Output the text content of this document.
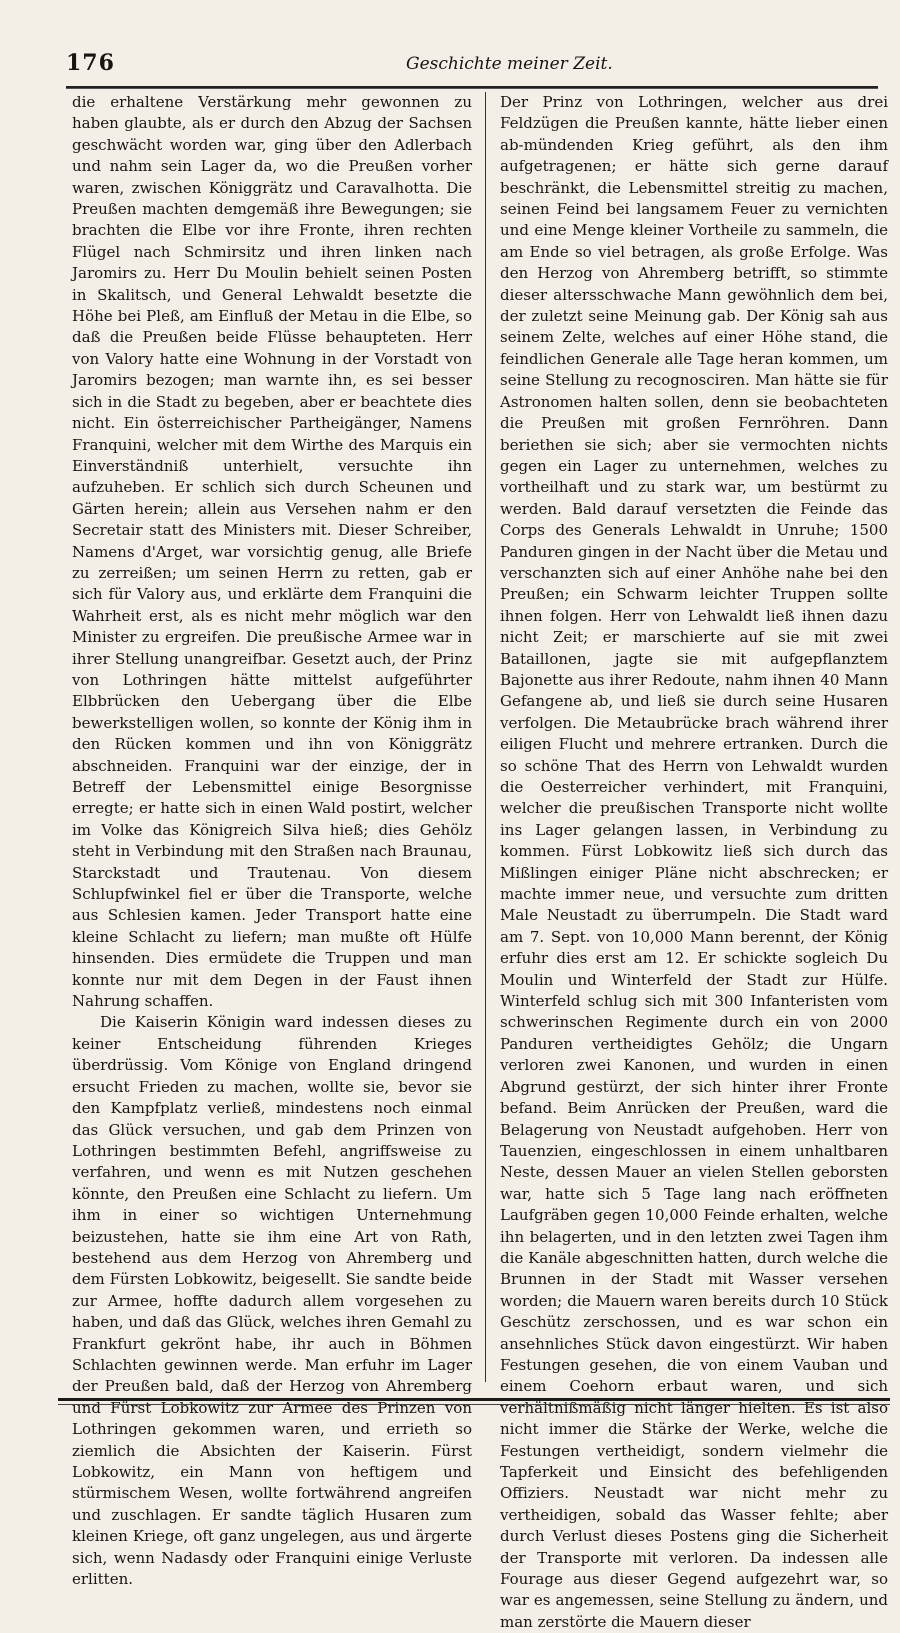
176	Geschichte meiner Zeit.

die erhaltene Verstärkung mehr gewonnen zu haben glaubte, als er durch den Abzug der Sachsen geschwächt worden war, ging über den Adlerbach und nahm sein Lager da, wo die Preußen vorher waren, zwischen Königgrätz und Caravalhotta. Die Preußen machten demgemäß ihre Bewegungen; sie brachten die Elbe vor ihre Fronte, ihren rechten Flügel nach Schmirsitz und ihren linken nach Jaromirs zu. Herr Du Moulin behielt seinen Posten in Skalitsch, und General Lehwaldt besetzte die Höhe bei Pleß, am Einfluß der Metau in die Elbe, so daß die Preußen beide Flüsse behaupteten. Herr von Valory hatte eine Wohnung in der Vorstadt von Jaromirs bezogen; man warnte ihn, es sei besser sich in die Stadt zu begeben, aber er beachtete dies nicht. Ein österreichischer Partheigänger, Namens Franquini, welcher mit dem Wirthe des Marquis ein Einverständniß unterhielt, versuchte ihn aufzuheben. Er schlich sich durch Scheunen und Gärten herein; allein aus Versehen nahm er den Secretair statt des Ministers mit. Dieser Schreiber, Namens d'Arget, war vorsichtig genug, alle Briefe zu zerreißen; um seinen Herrn zu retten, gab er sich für Valory aus, und erklärte dem Franquini die Wahrheit erst, als es nicht mehr möglich war den Minister zu ergreifen. Die preußische Armee war in ihrer Stellung unangreifbar. Gesetzt auch, der Prinz von Lothringen hätte mittelst aufgeführter Elbbrücken den Uebergang über die Elbe bewerkstelligen wollen, so konnte der König ihm in den Rücken kommen und ihn von Königgrätz abschneiden. Franquini war der einzige, der in Betreff der Lebensmittel einige Besorgnisse erregte; er hatte sich in einen Wald postirt, welcher im Volke das Königreich Silva hieß; dies Gehölz steht in Verbindung mit den Straßen nach Braunau, Starckstadt und Trautenau. Von diesem Schlupfwinkel fiel er über die Transporte, welche aus Schlesien kamen. Jeder Transport hatte eine kleine Schlacht zu liefern; man mußte oft Hülfe hinsenden. Dies ermüdete die Truppen und man konnte nur mit dem Degen in der Faust ihnen Nahrung schaffen.

Die Kaiserin Königin ward indessen dieses zu keiner Entscheidung führenden Krieges überdrüssig. Vom Könige von England dringend ersucht Frieden zu machen, wollte sie, bevor sie den Kampfplatz verließ, mindestens noch einmal das Glück versuchen, und gab dem Prinzen von Lothringen bestimmten Befehl, angriffsweise zu verfahren, und wenn es mit Nutzen geschehen könnte, den Preußen eine Schlacht zu liefern. Um ihm in einer so wichtigen Unternehmung beizustehen, hatte sie ihm eine Art von Rath, bestehend aus dem Herzog von Ahremberg und dem Fürsten Lobkowitz, beigesellt. Sie sandte beide zur Armee, hoffte dadurch allem vorgesehen zu haben, und daß das Glück, welches ihren Gemahl zu Frankfurt gekrönt habe, ihr auch in Böhmen Schlachten gewinnen werde. Man erfuhr im Lager der Preußen bald, daß der Herzog von Ahremberg und Fürst Lobkowitz zur Armee des Prinzen von Lothringen gekommen waren, und errieth so ziemlich die Absichten der Kaiserin. Fürst Lobkowitz, ein Mann von heftigem und stürmischem Wesen, wollte fortwährend angreifen und zuschlagen. Er sandte täglich Husaren zum kleinen Kriege, oft ganz ungelegen, aus und ärgerte sich, wenn Nadasdy oder Franquini einige Verluste erlitten.

Der Prinz von Lothringen, welcher aus drei Feldzügen die Preußen kannte, hätte lieber einen ab-mündenden Krieg geführt, als den ihm aufgetragenen; er hätte sich gerne darauf beschränkt, die Lebensmittel streitig zu machen, seinen Feind bei langsamem Feuer zu vernichten und eine Menge kleiner Vortheile zu sammeln, die am Ende so viel betragen, als große Erfolge. Was den Herzog von Ahremberg betrifft, so stimmte dieser altersschwache Mann gewöhnlich dem bei, der zuletzt seine Meinung gab. Der König sah aus seinem Zelte, welches auf einer Höhe stand, die feindlichen Generale alle Tage heran kommen, um seine Stellung zu recognosciren. Man hätte sie für Astronomen halten sollen, denn sie beobachteten die Preußen mit großen Fernröhren. Dann beriethen sie sich; aber sie vermochten nichts gegen ein Lager zu unternehmen, welches zu vortheilhaft und zu stark war, um bestürmt zu werden. Bald darauf versetzten die Feinde das Corps des Generals Lehwaldt in Unruhe; 1500 Panduren gingen in der Nacht über die Metau und verschanzten sich auf einer Anhöhe nahe bei den Preußen; ein Schwarm leichter Truppen sollte ihnen folgen. Herr von Lehwaldt ließ ihnen dazu nicht Zeit; er marschierte auf sie mit zwei Bataillonen, jagte sie mit aufgepflanztem Bajonette aus ihrer Redoute, nahm ihnen 40 Mann Gefangene ab, und ließ sie durch seine Husaren verfolgen. Die Metaubrücke brach während ihrer eiligen Flucht und mehrere ertranken. Durch die so schöne That des Herrn von Lehwaldt wurden die Oesterreicher verhindert, mit Franquini, welcher die preußischen Transporte nicht wollte ins Lager gelangen lassen, in Verbindung zu kommen. Fürst Lobkowitz ließ sich durch das Mißlingen einiger Pläne nicht abschrecken; er machte immer neue, und versuchte zum dritten Male Neustadt zu überrumpeln. Die Stadt ward am 7. Sept. von 10,000 Mann berennt, der König erfuhr dies erst am 12. Er schickte sogleich Du Moulin und Winterfeld der Stadt zur Hülfe. Winterfeld schlug sich mit 300 Infanteristen vom schwerinschen Regimente durch ein von 2000 Panduren vertheidigtes Gehölz; die Ungarn verloren zwei Kanonen, und wurden in einen Abgrund gestürzt, der sich hinter ihrer Fronte befand. Beim Anrücken der Preußen, ward die Belagerung von Neustadt aufgehoben. Herr von Tauenzien, eingeschlossen in einem unhaltbaren Neste, dessen Mauer an vielen Stellen geborsten war, hatte sich 5 Tage lang nach eröffneten Laufgräben gegen 10,000 Feinde erhalten, welche ihn belagerten, und in den letzten zwei Tagen ihm die Kanäle abgeschnitten hatten, durch welche die Brunnen in der Stadt mit Wasser versehen worden; die Mauern waren bereits durch 10 Stück Geschütz zerschossen, und es war schon ein ansehnliches Stück davon eingestürzt. Wir haben Festungen gesehen, die von einem Vauban und einem Coehorn erbaut waren, und sich verhältnißmäßig nicht länger hielten. Es ist also nicht immer die Stärke der Werke, welche die Festungen vertheidigt, sondern vielmehr die Tapferkeit und Einsicht des befehligenden Offiziers. Neustadt war nicht mehr zu vertheidigen, sobald das Wasser fehlte; aber durch Verlust dieses Postens ging die Sicherheit der Transporte mit verloren. Da indessen alle Fourage aus dieser Gegend aufgezehrt war, so war es angemessen, seine Stellung zu ändern, und man zerstörte die Mauern dieser
